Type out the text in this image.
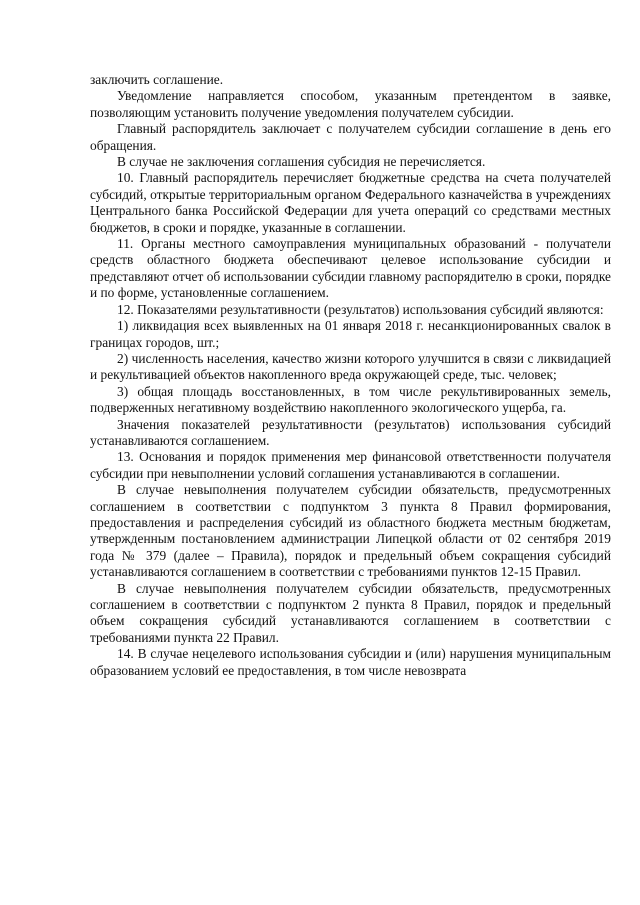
заключить соглашение.

Уведомление направляется способом, указанным претендентом в заявке, позволяющим установить получение уведомления получателем субсидии.

Главный распорядитель заключает с получателем субсидии соглашение в день его обращения.

В случае не заключения соглашения субсидия не перечисляется.

10. Главный распорядитель перечисляет бюджетные средства на счета получателей субсидий, открытые территориальным органом Федерального казначейства в учреждениях Центрального банка Российской Федерации для учета операций со средствами местных бюджетов, в сроки и порядке, указанные в соглашении.

11. Органы местного самоуправления муниципальных образований - получатели средств областного бюджета обеспечивают целевое использование субсидии и представляют отчет об использовании субсидии главному распорядителю в сроки, порядке и по форме, установленные соглашением.

12. Показателями результативности (результатов) использования субсидий являются:

1) ликвидация всех выявленных на 01 января 2018 г. несанкционированных свалок в границах городов, шт.;

2) численность населения, качество жизни которого улучшится в связи с ликвидацией и рекультивацией объектов накопленного вреда окружающей среде, тыс. человек;

3) общая площадь восстановленных, в том числе рекультивированных земель, подверженных негативному воздействию накопленного экологического ущерба, га.

Значения показателей результативности (результатов) использования субсидий устанавливаются соглашением.

13. Основания и порядок применения мер финансовой ответственности получателя субсидии при невыполнении условий соглашения устанавливаются в соглашении.

В случае невыполнения получателем субсидии обязательств, предусмотренных соглашением в соответствии с подпунктом 3 пункта 8 Правил формирования, предоставления и распределения субсидий из областного бюджета местным бюджетам, утвержденным постановлением администрации Липецкой области от 02 сентября 2019 года № 379 (далее – Правила), порядок и предельный объем сокращения субсидий устанавливаются соглашением в соответствии с требованиями пунктов 12-15 Правил.

В случае невыполнения получателем субсидии обязательств, предусмотренных соглашением в соответствии с подпунктом 2 пункта 8 Правил, порядок и предельный объем сокращения субсидий устанавливаются соглашением в соответствии с требованиями пункта 22 Правил.

14. В случае нецелевого использования субсидии и (или) нарушения муниципальным образованием условий ее предоставления, в том числе невозврата
